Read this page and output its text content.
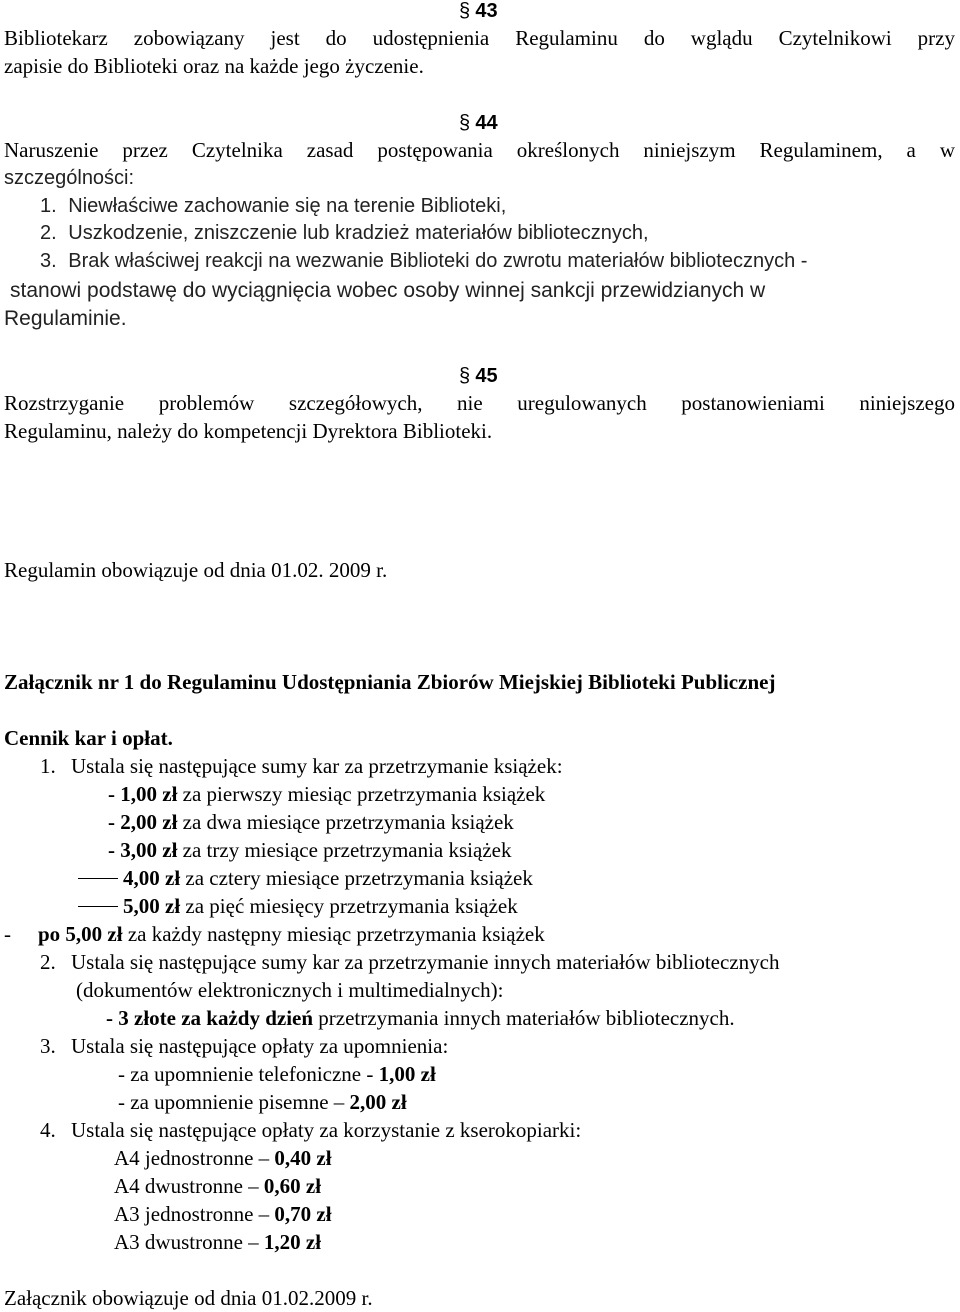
§ 43
Bibliotekarz zobowiązany jest do udostępnienia Regulaminu do wglądu Czytelnikowi przy
zapisie do Biblioteki oraz na każde jego życzenie.
§ 44
Naruszenie przez Czytelnika zasad postępowania określonych niniejszym Regulaminem, a w
szczególności:
1. Niewłaściwe zachowanie się na terenie Biblioteki,
2. Uszkodzenie, zniszczenie lub kradzież materiałów bibliotecznych,
3. Brak właściwej reakcji na wezwanie Biblioteki do zwrotu materiałów bibliotecznych -
stanowi podstawę do wyciągnięcia wobec osoby winnej sankcji przewidzianych w
Regulaminie.
§ 45
Rozstrzyganie problemów szczegółowych, nie uregulowanych postanowieniami niniejszego
Regulaminu, należy do kompetencji Dyrektora Biblioteki.
Regulamin obowiązuje od dnia 01.02. 2009 r.
Załącznik nr 1 do Regulaminu Udostępniania Zbiorów Miejskiej Biblioteki Publicznej
Cennik kar i opłat.
1. Ustala się następujące sumy kar za przetrzymanie książek:
- 1,00 zł za pierwszy miesiąc przetrzymania książek
- 2,00 zł za dwa miesiące przetrzymania książek
- 3,00 zł za trzy miesiące przetrzymania książek
4,00 zł za cztery miesiące przetrzymania książek
5,00 zł za pięć miesięcy przetrzymania książek
- po 5,00 zł za każdy następny miesiąc przetrzymania książek
2. Ustala się następujące sumy kar za przetrzymanie innych materiałów bibliotecznych
(dokumentów elektronicznych i multimedialnych):
- 3 złote za każdy dzień przetrzymania innych materiałów bibliotecznych.
3. Ustala się następujące opłaty za upomnienia:
- za upomnienie telefoniczne - 1,00 zł
- za upomnienie pisemne – 2,00 zł
4. Ustala się następujące opłaty za korzystanie z kserokopiarki:
A4 jednostronne – 0,40 zł
A4 dwustronne – 0,60 zł
A3 jednostronne – 0,70 zł
A3 dwustronne – 1,20 zł
Załącznik obowiązuje od dnia 01.02.2009 r.
